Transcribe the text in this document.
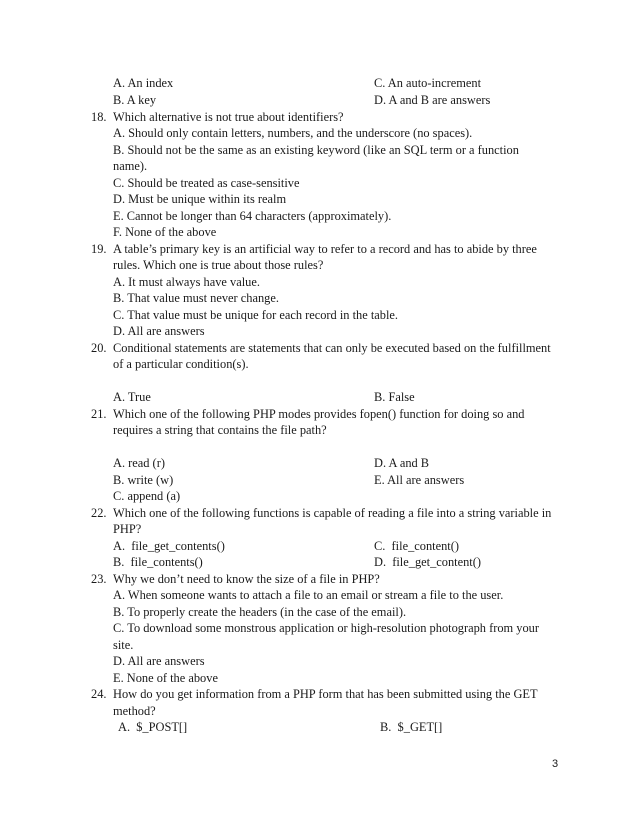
A. An index	C. An auto-increment
B. A key	D. A and B are answers
18. Which alternative is not true about identifiers?
A. Should only contain letters, numbers, and the underscore (no spaces).
B. Should not be the same as an existing keyword (like an SQL term or a function
name).
C. Should be treated as case-sensitive
D. Must be unique within its realm
E. Cannot be longer than 64 characters (approximately).
F. None of the above
19. A table’s primary key is an artificial way to refer to a record and has to abide by three
rules. Which one is true about those rules?
A. It must always have value.
B. That value must never change.
C. That value must be unique for each record in the table.
D. All are answers
20. Conditional statements are statements that can only be executed based on the fulfillment
of a particular condition(s).
A. True	B. False
21. Which one of the following PHP modes provides fopen() function for doing so and
requires a string that contains the file path?
A. read (r)	D. A and B
B. write (w)	E. All are answers
C. append (a)
22. Which one of the following functions is capable of reading a file into a string variable in
PHP?
A.  file_get_contents()	C.  file_content()
B.  file_contents()	D.  file_get_content()
23. Why we don’t need to know the size of a file in PHP?
A. When someone wants to attach a file to an email or stream a file to the user.
B. To properly create the headers (in the case of the email).
C. To download some monstrous application or high-resolution photograph from your
site.
D. All are answers
E. None of the above
24. How do you get information from a PHP form that has been submitted using the GET
method?
A.  $_POST[]	B.  $_GET[]
3
